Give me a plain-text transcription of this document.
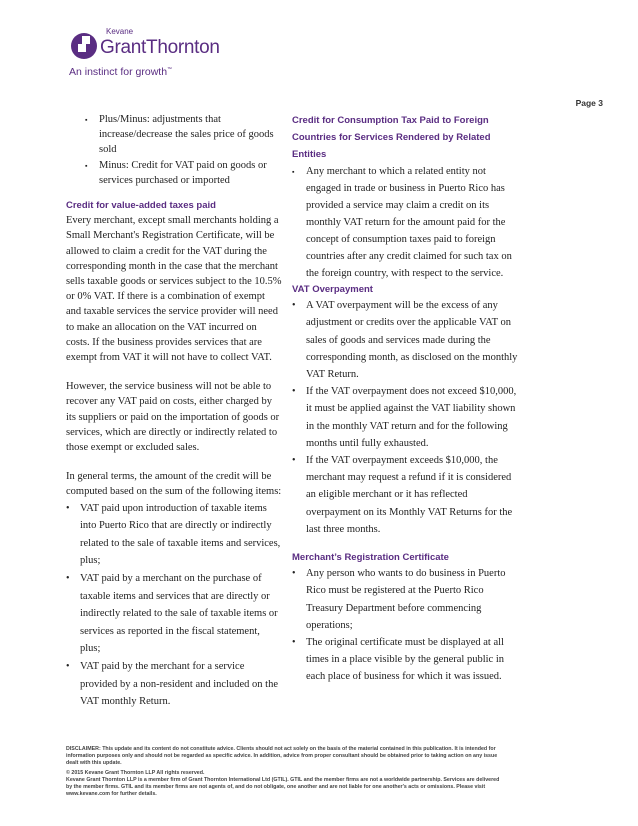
Kevane
GrantThornton
An instinct for growth™
Page 3
▪ Plus/Minus: adjustments that increase/decrease the sales price of goods sold
▪ Minus: Credit for VAT paid on goods or services purchased or imported
Credit for value-added taxes paid

Every merchant, except small merchants holding a Small Merchant's Registration Certificate, will be allowed to claim a credit for the VAT during the corresponding month in the case that the merchant sells taxable goods or services subject to the 10.5% or 0% VAT. If there is a combination of exempt and taxable services the service provider will need to make an allocation on the VAT incurred on costs. If the business provides services that are exempt from VAT it will not have to collect VAT.

However, the service business will not be able to recover any VAT paid on costs, either charged by its suppliers or paid on the importation of goods or services, which are directly or indirectly related to those exempt or excluded sales.

In general terms, the amount of the credit will be computed based on the sum of the following items:

• VAT paid upon introduction of taxable items into Puerto Rico that are directly or indirectly related to the sale of taxable items and services, plus;
• VAT paid by a merchant on the purchase of taxable items and services that are directly or indirectly related to the sale of taxable items or services as reported in the fiscal statement, plus;
• VAT paid by the merchant for a service provided by a non-resident and included on the VAT monthly Return.
Credit for Consumption Tax Paid to Foreign Countries for Services Rendered by Related Entities
▪ Any merchant to which a related entity not engaged in trade or business in Puerto Rico has provided a service may claim a credit on its monthly VAT return for the amount paid for the concept of consumption taxes paid to foreign countries after any credit claimed for such tax on the foreign country, with respect to the service.
VAT Overpayment
• A VAT overpayment will be the excess of any adjustment or credits over the applicable VAT on sales of goods and services made during the corresponding month, as disclosed on the monthly VAT Return.
• If the VAT overpayment does not exceed $10,000, it must be applied against the VAT liability shown in the monthly VAT return and for the following months until fully exhausted.
• If the VAT overpayment exceeds $10,000, the merchant may request a refund if it is considered an eligible merchant or it has reflected overpayment on its Monthly VAT Returns for the last three months.
Merchant’s Registration Certificate
• Any person who wants to do business in Puerto Rico must be registered at the Puerto Rico Treasury Department before commencing operations;
• The original certificate must be displayed at all times in a place visible by the general public in each place of business for which it was issued.

DISCLAIMER: This update and its content do not constitute advice. Clients should not act solely on the basis of the material contained in this publication. It is intended for information purposes only and should not be regarded as specific advice. In addition, advice from proper consultant should be obtained prior to taking action on any issue dealt with this update.

© 2015 Kevane Grant Thornton LLP All rights reserved.
Kevane Grant Thornton LLP is a member firm of Grant Thornton International Ltd (GTIL). GTIL and the member firms are not a worldwide partnership. Services are delivered by the member firms. GTIL and its member firms are not agents of, and do not obligate, one another and are not liable for one another's acts or omissions. Please visit www.kevane.com for further details.
